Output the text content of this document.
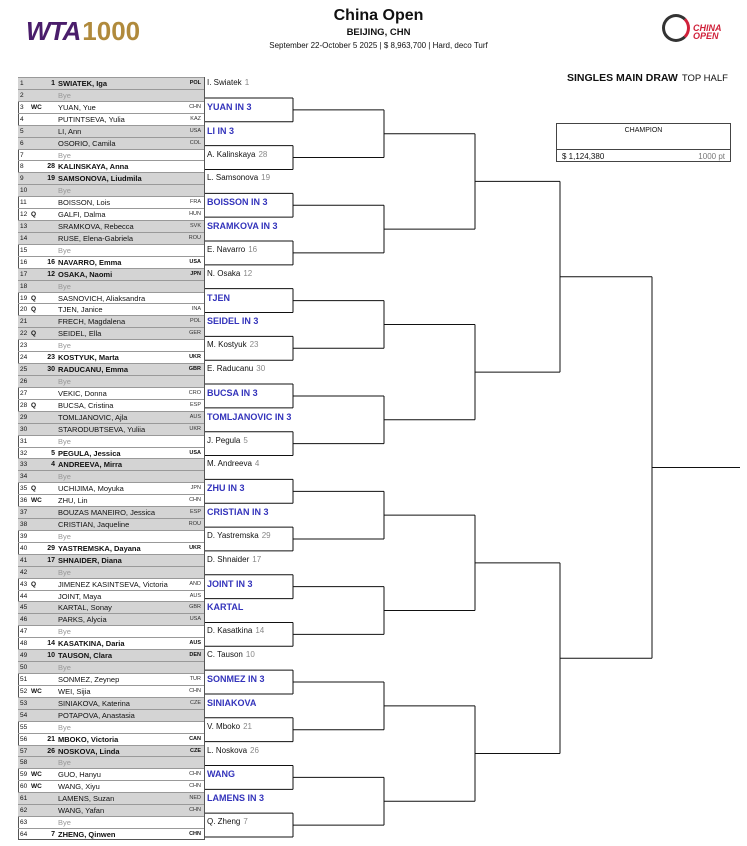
WTA1000
China Open
BEIJING, CHN
September 22-October 5 2025 | $ 8,963,700 | Hard, deco Turf
CHINA OPEN
SINGLES MAIN DRAW TOP HALF
CHAMPION
$ 1,124,380	1000 pt
1	1 SWIATEK, Iga	POL
2	Bye
3	WC	YUAN, Yue	CHN
4	PUTINTSEVA, Yulia	KAZ
5	LI, Ann	USA
6	OSORIO, Camila	COL
7	Bye
8	28 KALINSKAYA, Anna
9	19 SAMSONOVA, Liudmila
10	Bye
11	BOISSON, Lois	FRA
12 Q	GALFI, Dalma	HUN
13	SRAMKOVA, Rebecca	SVK
14	RUSE, Elena-Gabriela	ROU
15	Bye
16	16 NAVARRO, Emma	USA
17	12 OSAKA, Naomi	JPN
18	Bye
19 Q	SASNOVICH, Aliaksandra
20 Q	TJEN, Janice	INA
21	FRECH, Magdalena	POL
22 Q	SEIDEL, Ella	GER
23	Bye
24	23 KOSTYUK, Marta	UKR
25	30 RADUCANU, Emma	GBR
26	Bye
27	VEKIC, Donna	CRO
28 Q	BUCSA, Cristina	ESP
29	TOMLJANOVIC, Ajla	AUS
30	STARODUBTSEVA, Yuliia	UKR
31	Bye
32	5 PEGULA, Jessica	USA
33	4 ANDREEVA, Mirra
34	Bye
35 Q	UCHIJIMA, Moyuka	JPN
36 WC	ZHU, Lin	CHN
37	BOUZAS MANEIRO, Jessica	ESP
38	CRISTIAN, Jaqueline	ROU
39	Bye
40	29 YASTREMSKA, Dayana	UKR
41	17 SHNAIDER, Diana
42	Bye
43 Q	JIMENEZ KASINTSEVA, Victoria	AND
44	JOINT, Maya	AUS
45	KARTAL, Sonay	GBR
46	PARKS, Alycia	USA
47	Bye
48	14 KASATKINA, Daria	AUS
49	10 TAUSON, Clara	DEN
50	Bye
51	SONMEZ, Zeynep	TUR
52 WC	WEI, Sijia	CHN
53	SINIAKOVA, Katerina	CZE
54	POTAPOVA, Anastasia
55	Bye
56	21 MBOKO, Victoria	CAN
57	26 NOSKOVA, Linda	CZE
58	Bye
59 WC	GUO, Hanyu	CHN
60 WC	WANG, Xiyu	CHN
61	LAMENS, Suzan	NED
62	WANG, Yafan	CHN
63	Bye
64	7 ZHENG, Qinwen	CHN
I. Swiatek 1
YUAN IN 3
LI IN 3
A. Kalinskaya 28
L. Samsonova 19
BOISSON IN 3
SRAMKOVA IN 3
E. Navarro 16
N. Osaka 12
TJEN
SEIDEL IN 3
M. Kostyuk 23
E. Raducanu 30
BUCSA IN 3
TOMLJANOVIC IN 3
J. Pegula 5
M. Andreeva 4
ZHU IN 3
CRISTIAN IN 3
D. Yastremska 29
D. Shnaider 17
JOINT IN 3
KARTAL
D. Kasatkina 14
C. Tauson 10
SONMEZ IN 3
SINIAKOVA
V. Mboko 21
L. Noskova 26
WANG
LAMENS IN 3
Q. Zheng 7
